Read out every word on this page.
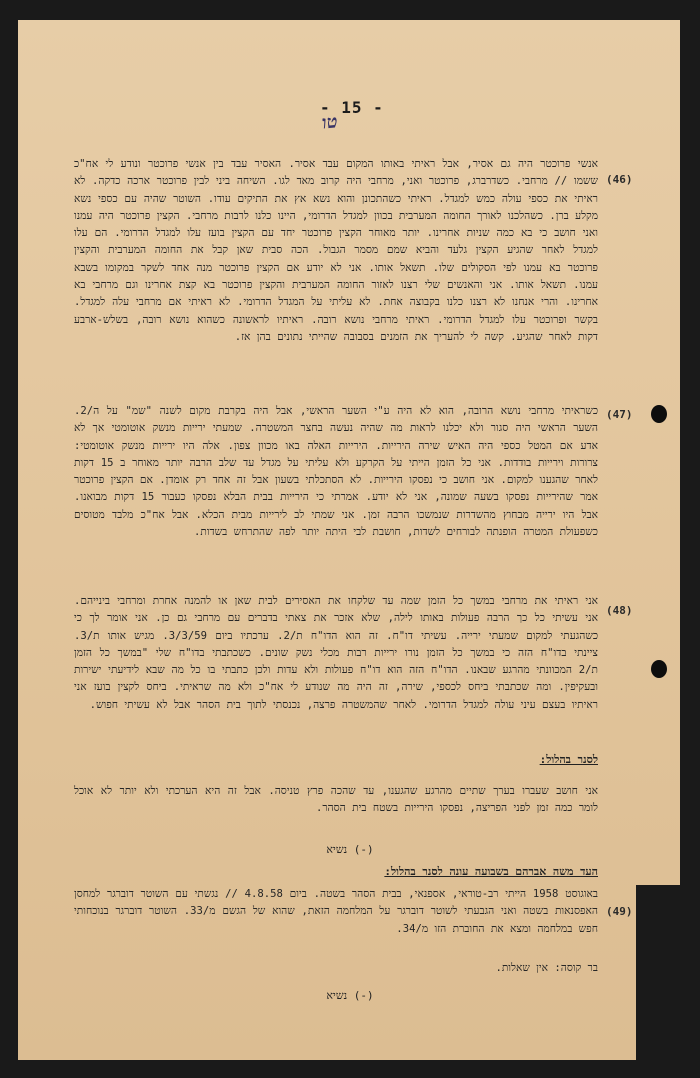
- 15 -
טו
(46)
אנשי פרוכטר היה גם אסיר, אבל ראיתי באותו המקום עבד אסיר. האסיר עבד בין אנשי פרוכטר ונודע לי אח"כ ששמו // מרחבי. כשדרברג, פרוכטר ואני, מרחבי היה קרוב מאד לגו. השיחה ביני לבין פרוכטר ארכה כדקה. לא ראיתי את כספי עולה כמש למגדל. ראיתי כשהתכונן והוא נשא אץ את התיקים עודו. השוטר שהיה עם כספי נשא מקלע ברן. כשהלכנו לאורך החומה המערבית בכוון למגדל הדרומי, היינו כלנו לרבות מרחבי. הקצין פרוכטר היה עמנו ואני חושב כי בא כמה שניות אחרינו. יותר מאוחר הקצין פרוכטר יחד עם הקצין בועז עלו למגדל הדרומי. הם עלו למגדל לאחר שהגיע הקצין גלעד והביא שמם מסמר הגבול. הכה סבית שאן קבל את החומה המערבית והקצין פרוכטר בא עמנו לפי הסקולים שלו. תשאל אותו. אני לא יודע אם הקצין פרוכטר מנה אחד לשקר במקומו בשבא עמנו. תשאל אותו. אני והאנשים שלי רצנו לאזור החומה המערבית והקצין פרוכטר בא קצת אחרינו וגם מרחבי בא אחרינו. והרי אנחנו לא רצנו כלנו בקבוצה אחת. לא עליתי על המגדל הדרומי. לא ראיתי אם מרחבי עלה למגדל. בקשר ופרוכטר עלו למגדל הדרומי. ראיתי מרחבי נושא רובה. ראיתיו לראשונה כשהוא נושא רובה, בשלש-ארבע דקות לאחר שהגיע. קשה לי להעריך את הזמנים בסבובה שהייתי נתונים בהן אז.
(47)
כשראיתי מרחבי נושא הרובה, הוא לא היה ע"י השער הראשי, אבל היה בקרבת מקום לשנה "שמ" על ה/2. השער הראשי היה סגור ולא יכלנו לראות מה שהיה נעשה בחצר המשטרה. שמעתי ירייות מנשק אוטומטי אך לא אדע אם המטל כספי היה האיש שירה הירייות. הירייות האלה באו מכוון צפון. אלה היו ירייות מנשק אוטומטי: צרורות וירייות בודדות. אני כל הזמן הייתי על הקרקע ולא עליתי על מגדל עד שלב הרבה יותר מאוחר ב 15 דקות לאחר שהגענו למקום. אני חושב כי נפסקו הירייות. לא הסתכלתי בשעון אבל זה אחד רק אומדן. אם הקצין פרוכטר אמר שהירייות נפסקו בשעה שמונה, אני לא יודע. אמרתי כי הירייות בבית הבלא נפסקו כעבור 15 דקות מבואנו. אבל היו ירייה מבחוץ מהשדרות שנמשכו הרבה זמן. אני שמתי לב לירייות מבית הכלא. אבל אח"כ מלבד מטוסים כשפעולת המטרה הופנתה לבורחים לשדות, חושבת לבי היתה יותר לפה שהתרחש בשדות.
(48)
אני ראיתי את מרחבי במשך כל הזמן שמה עד שלקחו את האסירים לבית שאן או להמנה אחרת ומרחבי בינייהם. אני עשיתי כל כך הרבה פעולות באותו לילה, שלא אזכר את צאתי בדברים עם מרחבי גם כן. אני אומר לך כי כשהגעתי למקום שמעתי ירייה. עשיתי דו"ח. זה הוא הדו"ח ת/2. ערכתיו ביום 3/3/59. מגיש אותו ת/3. ציינתי בדו"ח הזה כי במשך כל הזמן נורו ירייות רבות מכלי נשק שונים. כשכתבתי בדו"ח שלי "במשך כל הזמן ת/2 המכוונתי מהרגע שבאנו. הדו"ח הזה הוא דו"ח פעולות ולא עדות ולכן כתבתי בו כל מה שבא לידיעתי ישירות ובעקיפין. ומה שכתבתי ביחס לכספי, שירה, זה היה מה שנודע לי אח"כ ולא מה שראיתי. ביחס לקצין בועז אני ראיתיו בעצם עיני עולה למגדל הדרומי. לאחר שהמשטרה פרצה, נכנסתי לתוך בית הסהר אבל לא עשיתי חפוש.
לסנר בהלול:
אני חושב שעברו בערך שתיים מהרגע שהגענו, עד שהכה פרץ טניסה. אבל זה היא הערכתי ולא יותר לא אוכל לומר כמה זמן לפני הפריצה, נפסקו הירייות בשטח בית הסהר.
(-) נשיא
העד משה אברהם בשבועה עונה לסנר בהלול:
(49)
באוגוסט 1958 הייתי רב-טוראי, אספנאי, בבית הסהר בשטה. ביום 4.8.58 // נגשתי עם השוטר דוברגר למחסן האפסנאות בשטה ואני הגבעתי לשוטר דוברגר על המלחמה הזאת, שהוא של הגשם מ/33. השוטר דוברגר בנוכחותי חפש במלחמה ומצא את החוברת הזו מ/34.
בר קוסה: אין שאלות.
(-) נשיא
